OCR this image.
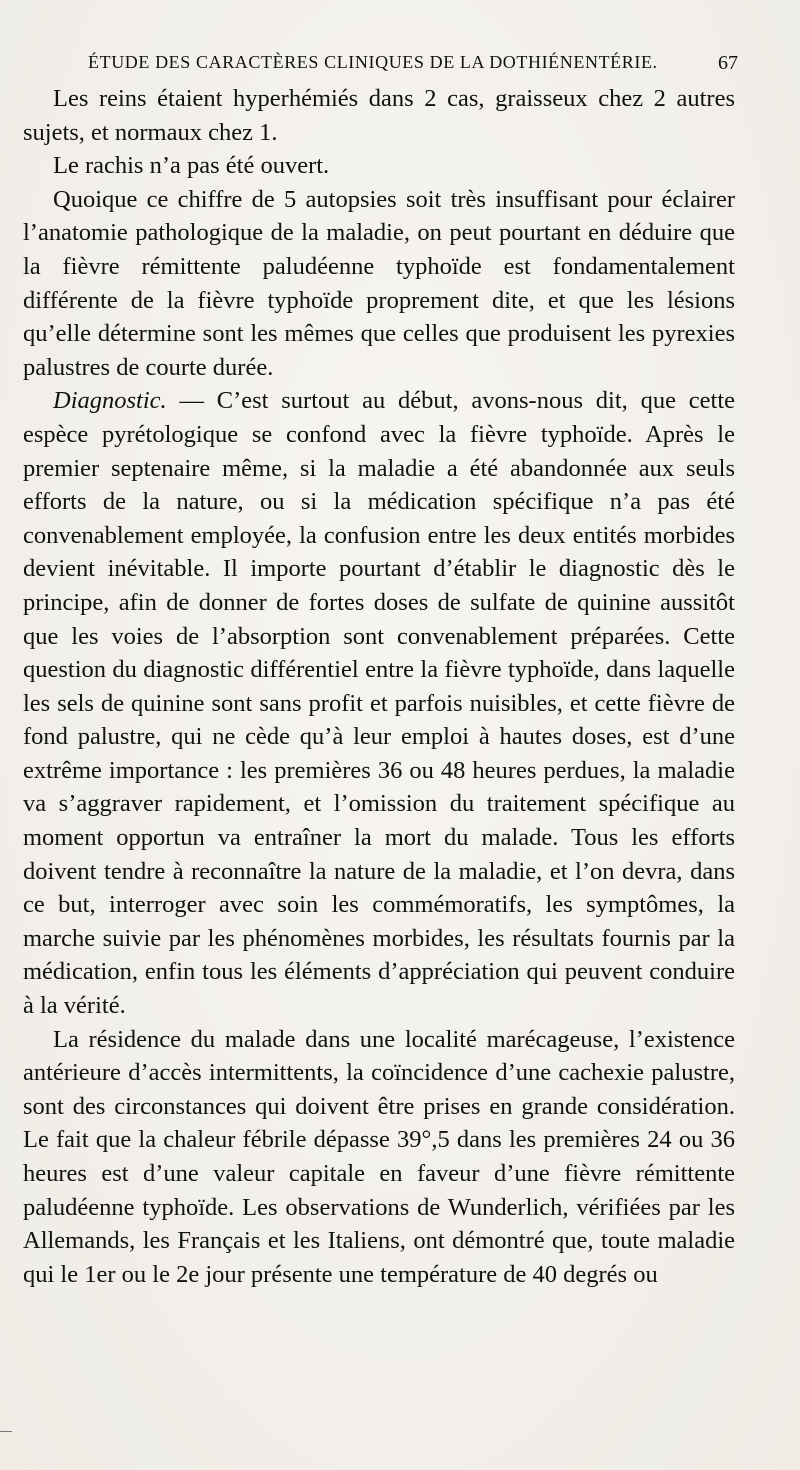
ÉTUDE DES CARACTÈRES CLINIQUES DE LA DOTHIÉNENTÉRIE.	67

Les reins étaient hyperhémiés dans 2 cas, graisseux chez 2 autres sujets, et normaux chez 1.

Le rachis n’a pas été ouvert.

Quoique ce chiffre de 5 autopsies soit très insuffisant pour éclairer l’anatomie pathologique de la maladie, on peut pourtant en déduire que la fièvre rémittente paludéenne typhoïde est fondamentalement différente de la fièvre typhoïde proprement dite, et que les lésions qu’elle détermine sont les mêmes que celles que produisent les pyrexies palustres de courte durée.

Diagnostic. — C’est surtout au début, avons-nous dit, que cette espèce pyrétologique se confond avec la fièvre typhoïde. Après le premier septenaire même, si la maladie a été abandonnée aux seuls efforts de la nature, ou si la médication spécifique n’a pas été convenablement employée, la confusion entre les deux entités morbides devient inévitable. Il importe pourtant d’établir le diagnostic dès le principe, afin de donner de fortes doses de sulfate de quinine aussitôt que les voies de l’absorption sont convenablement préparées. Cette question du diagnostic différentiel entre la fièvre typhoïde, dans laquelle les sels de quinine sont sans profit et parfois nuisibles, et cette fièvre de fond palustre, qui ne cède qu’à leur emploi à hautes doses, est d’une extrême importance : les premières 36 ou 48 heures perdues, la maladie va s’aggraver rapidement, et l’omission du traitement spécifique au moment opportun va entraîner la mort du malade. Tous les efforts doivent tendre à reconnaître la nature de la maladie, et l’on devra, dans ce but, interroger avec soin les commémoratifs, les symptômes, la marche suivie par les phénomènes morbides, les résultats fournis par la médication, enfin tous les éléments d’appréciation qui peuvent conduire à la vérité.

La résidence du malade dans une localité marécageuse, l’existence antérieure d’accès intermittents, la coïncidence d’une cachexie palustre, sont des circonstances qui doivent être prises en grande considération. Le fait que la chaleur fébrile dépasse 39°,5 dans les premières 24 ou 36 heures est d’une valeur capitale en faveur d’une fièvre rémittente paludéenne typhoïde. Les observations de Wunderlich, vérifiées par les Allemands, les Français et les Italiens, ont démontré que, toute maladie qui le 1er ou le 2e jour présente une température de 40 degrés ou
